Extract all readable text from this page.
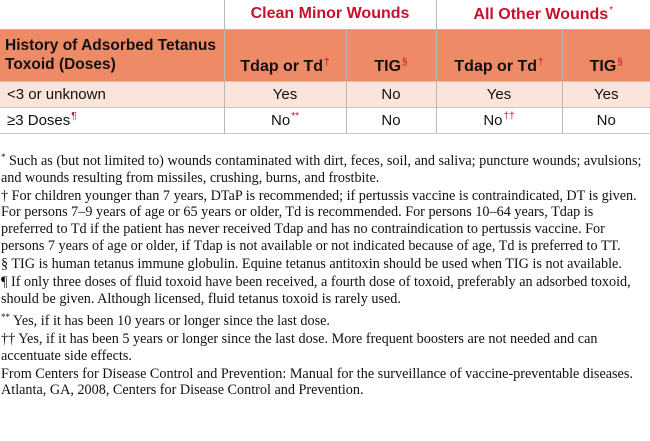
	Clean Minor Wounds		All Other Wounds*

History of Adsorbed Tetanus
Toxoid (Doses)	Tdap or Td†	TIG§	Tdap or Td†	TIG§
<3 or unknown	Yes	No	Yes	Yes
≥3 Doses¶	No**	No	No††	No

* Such as (but not limited to) wounds contaminated with dirt, feces, soil, and saliva; puncture wounds; avulsions; and wounds resulting from missiles, crushing, burns, and frostbite.

† For children younger than 7 years, DTaP is recommended; if pertussis vaccine is contraindicated, DT is given. For persons 7–9 years of age or 65 years or older, Td is recommended. For persons 10–64 years, Tdap is preferred to Td if the patient has never received Tdap and has no contraindication to pertussis vaccine. For persons 7 years of age or older, if Tdap is not available or not indicated because of age, Td is preferred to TT.

§ TIG is human tetanus immune globulin. Equine tetanus antitoxin should be used when TIG is not available.

¶ If only three doses of fluid toxoid have been received, a fourth dose of toxoid, preferably an adsorbed toxoid, should be given. Although licensed, fluid tetanus toxoid is rarely used.

** Yes, if it has been 10 years or longer since the last dose.

†† Yes, if it has been 5 years or longer since the last dose. More frequent boosters are not needed and can accentuate side effects.

From Centers for Disease Control and Prevention: Manual for the surveillance of vaccine-preventable diseases. Atlanta, GA, 2008, Centers for Disease Control and Prevention.
